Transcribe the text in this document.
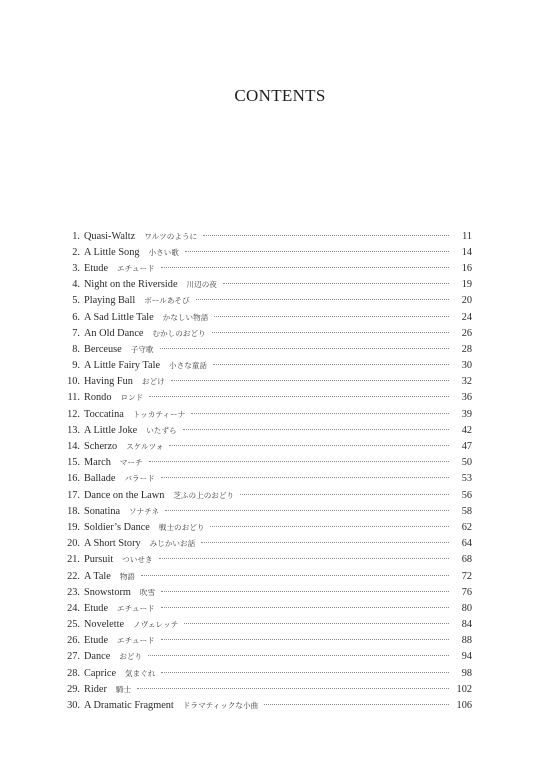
CONTENTS
1. Quasi-Waltz ワルツのように	11
2. A Little Song 小さい歌	14
3. Etude エチュード	16
4. Night on the Riverside 川辺の夜	19
5. Playing Ball ボールあそび	20
6. A Sad Little Tale かなしい物語	24
7. An Old Dance むかしのおどり	26
8. Berceuse 子守歌	28
9. A Little Fairy Tale 小さな童話	30
10. Having Fun おどけ	32
11. Rondo ロンド	36
12. Toccatina トッカティーナ	39
13. A Little Joke いたずら	42
14. Scherzo スケルツォ	47
15. March マーチ	50
16. Ballade バラード	53
17. Dance on the Lawn 芝ふの上のおどり	56
18. Sonatina ソナチネ	58
19. Soldier’s Dance 戦士のおどり	62
20. A Short Story みじかいお話	64
21. Pursuit ついせき	68
22. A Tale 物語	72
23. Snowstorm 吹雪	76
24. Etude エチュード	80
25. Novelette ノヴェレッテ	84
26. Etude エチュード	88
27. Dance おどり	94
28. Caprice 気まぐれ	98
29. Rider 騎士	102
30. A Dramatic Fragment ドラマティックな小曲	106
